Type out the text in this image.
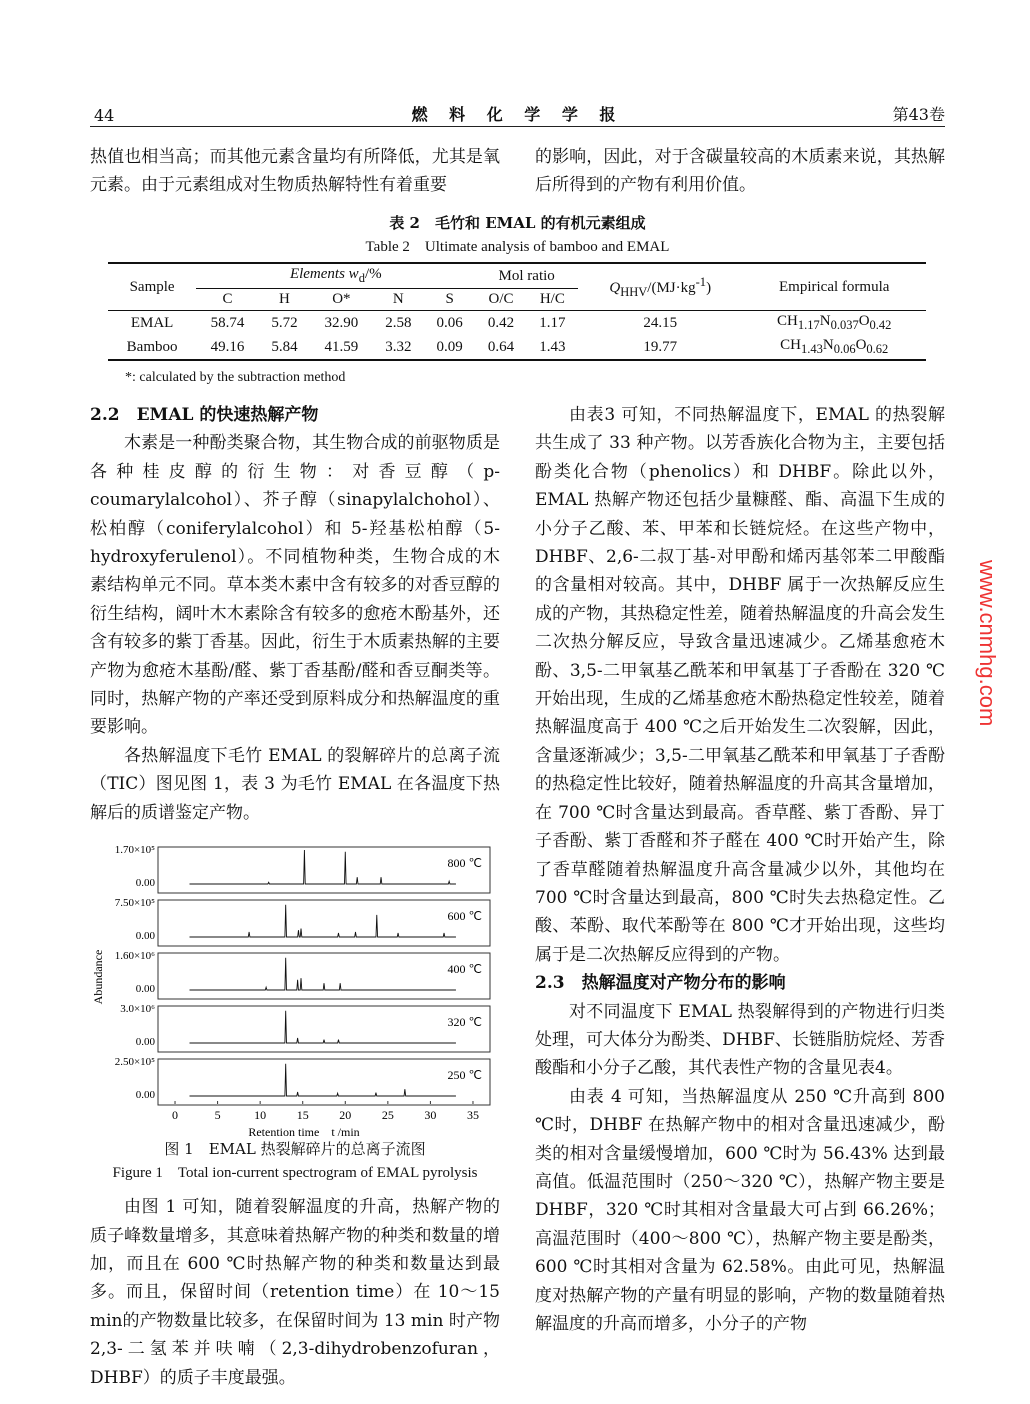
44	燃 料 化 学 学 报	第43卷

热值也相当高；而其他元素含量均有所降低，尤其是氧元素。由于元素组成对生物质热解特性有着重要

的影响，因此，对于含碳量较高的木质素来说，其热解后所得到的产物有利用价值。

表 2　毛竹和 EMAL 的有机元素组成
Table 2　Ultimate analysis of bamboo and EMAL
Sample	Elements $w_d/\%$					Mol ratio		$Q_{HHV}/(MJ\cdot kg^{-1})$	Empirical formula
	C	H	O*	N	S	O/C	H/C		
EMAL	58.74	5.72	32.90	2.58	0.06	0.42	1.17	24.15	$CH_{1.17}N_{0.037}O_{0.42}$
Bamboo	49.16	5.84	41.59	3.32	0.09	0.64	1.43	19.77	$CH_{1.43}N_{0.06}O_{0.62}$
*: calculated by the subtraction method
2.2　EMAL 的快速热解产物

木素是一种酚类聚合物，其生物合成的前驱物质是各种桂皮醇的衍生物：对香豆醇（p-coumarylalcohol）、芥子醇（sinapylalchohol）、松柏醇（coniferylalcohol）和 5-羟基松柏醇（5-hydroxyferulenol）。不同植物种类，生物合成的木素结构单元不同。草本类木素中含有较多的对香豆醇的衍生结构，阔叶木木素除含有较多的愈疮木酚基外，还含有较多的紫丁香基。因此，衍生于木质素热解的主要产物为愈疮木基酚/醛、紫丁香基酚/醛和香豆酮类等。同时，热解产物的产率还受到原料成分和热解温度的重要影响。

各热解温度下毛竹 EMAL 的裂解碎片的总离子流（TIC）图见图 1，表 3 为毛竹 EMAL 在各温度下热解后的质谱鉴定产物。

1.70×10⁵
0.00
800 ℃
7.50×10⁵
0.00
600 ℃
1.60×10⁶
0.00
400 ℃
3.0×10⁶
0.00
320 ℃
2.50×10⁵
0.00
250 ℃
0	5	10	15	20	25	30	35
Retention time　t /min
Abundance
图 1　EMAL 热裂解碎片的总离子流图
Figure 1　Total ion-current spectrogram of EMAL pyrolysis

由图 1 可知，随着裂解温度的升高，热解产物的质子峰数量增多，其意味着热解产物的种类和数量的增加，而且在 600 ℃时热解产物的种类和数量达到最多。而且，保留时间（retention time）在 10～15 min的产物数量比较多，在保留时间为 13 min 时产物 2,3-二氢苯并呋喃（2,3-dihydrobenzofuran，DHBF）的质子丰度最强。

由表3 可知，不同热解温度下，EMAL 的热裂解共生成了 33 种产物。以芳香族化合物为主，主要包括酚类化合物（phenolics）和 DHBF。除此以外，EMAL 热解产物还包括少量糠醛、酯、高温下生成的小分子乙酸、苯、甲苯和长链烷烃。在这些产物中，DHBF、2,6-二叔丁基-对甲酚和烯丙基邻苯二甲酸酯的含量相对较高。其中，DHBF 属于一次热解反应生成的产物，其热稳定性差，随着热解温度的升高会发生二次热分解反应，导致含量迅速减少。乙烯基愈疮木酚、3,5-二甲氧基乙酰苯和甲氧基丁子香酚在 320 ℃开始出现，生成的乙烯基愈疮木酚热稳定性较差，随着热解温度高于 400 ℃之后开始发生二次裂解，因此，含量逐渐减少；3,5-二甲氧基乙酰苯和甲氧基丁子香酚的热稳定性比较好，随着热解温度的升高其含量增加，在 700 ℃时含量达到最高。香草醛、紫丁香酚、异丁子香酚、紫丁香醛和芥子醛在 400 ℃时开始产生，除了香草醛随着热解温度升高含量减少以外，其他均在 700 ℃时含量达到最高，800 ℃时失去热稳定性。乙酸、苯酚、取代苯酚等在 800 ℃才开始出现，这些均属于是二次热解反应得到的产物。

2.3　热解温度对产物分布的影响

对不同温度下 EMAL 热裂解得到的产物进行归类处理，可大体分为酚类、DHBF、长链脂肪烷烃、芳香酸酯和小分子乙酸，其代表性产物的含量见表4。

由表 4 可知，当热解温度从 250 ℃升高到 800 ℃时，DHBF 在热解产物中的相对含量迅速减少，酚类的相对含量缓慢增加，600 ℃时为 56.43% 达到最高值。低温范围时（250～320 ℃），热解产物主要是 DHBF，320 ℃时其相对含量最大可占到 66.26%；高温范围时（400～800 ℃），热解产物主要是酚类，600 ℃时其相对含量为 62.58%。由此可见，热解温度对热解产物的产量有明显的影响，产物的数量随着热解温度的升高而增多，小分子的产物

www.cnmhg.com
